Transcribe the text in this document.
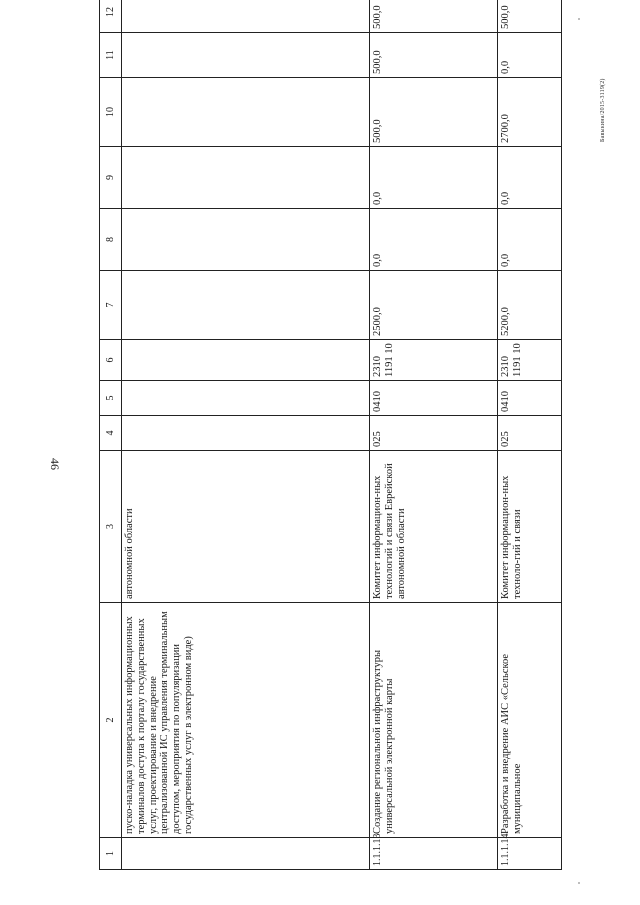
46
Бавыкина/2015-3119(2)
1	2	3	4	5	6	7	8	9	10	11	12		
	пуско-наладка универсальных информационных терминалов доступа к порталу государственных услуг, проектирование и внедрение централизованной ИС управления терминальным доступом, мероприятия по популяризации государственных услуг в электронном виде)	автономной области											
1.1.1.13	Создание региональной инфраструктуры универсальной электронной карты	Комитет информацион-ных технологий и связи Еврейской автономной области	025	0410	2310 1191 10	2500,0	0,0	0,0	500,0	500,0	500,0		
1.1.1.14	Разработка и внедрение АИС «Сельское муниципальное	Комитет информацион-ных техноло-гий и связи	025	0410	2310 1191 10	5200,0	0,0	0,0	2700,0	0,0	500,0		
